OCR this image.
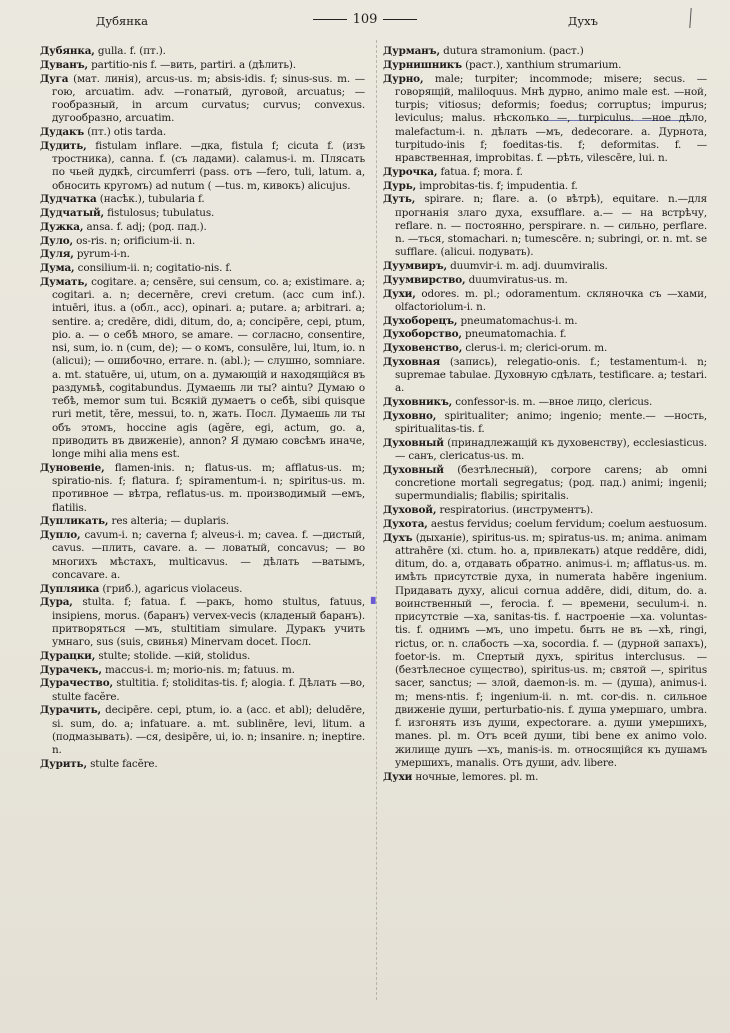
Дубянка	109	Духъ
▘

Дубянка, gulla. f. (пт.).

Дуванъ, partitio-nis f. —вить, partiri. a (дѣлить).

Дуга (мат. линія), arcus-us. m; absis-idis. f; sinus-sus. m. —гою, arcuatim. adv. —гоnатый, дуговой, arcuatus; —гообразный, in arcum curvatus; curvus; convexus. дугообразно, arcuatim.

Дудакъ (пт.) otis tarda.

Дудить, fistulam inflare. —дка, fistula f; cicuta f. (изъ тростника), canna. f. (съ ладами). calamus-i. m. Плясать по чьей дудкѣ, circumferri (pass. отъ —fero, tuli, latum. a, обносить кругомъ) ad nutum ( —tus. m, кивокъ) alicujus.

Дудчатка (насѣк.), tubularia f.

Дудчатый, fistulosus; tubulatus.

Дужка, ansa. f. adj; (род. пад.).

Дуло, os-ris. n; orificium-ii. n.

Дуля, pyrum-i-n.

Дума, consilium-ii. n; cogitatio-nis. f.

Думать, cogitare. a; censēre, sui censum, co. a; existimare. a; cogitari. a. n; decernēre, crevi cretum. (acc cum inf.). intuēri, itus. a (обл., acc), opinari. a; putare. a; arbitrari. a; sentire. a; credēre, didi, ditum, do, a; concipēre, cepi, ptum, pio. a. — о себѣ много, se amare. — согласно, consentire, nsi, sum, io. n (cum, de); — о комъ, consulēre, lui, ltum, io. n (alicui); — ошибочно, errare. n. (abl.); — слушно, somniare. a. mt. statuēre, ui, utum, on a. думающій и находящійся въ раздумьѣ, cogitabundus. Думаешь ли ты? aintu? Думаю о тебѣ, memor sum tui. Всякій думаетъ о себѣ, sibi quisque ruri metit, tĕre, messui, to. n, жать. Посл. Думаешь ли ты объ этомъ, hoccine agis (agĕre, egi, actum, go. a, приводить въ движеніе), annon? Я думаю совсѣмъ иначе, longe mihi alia mens est.

Дуновеніе, flamen-inis. n; flatus-us. m; afflatus-us. m; spiratio-nis. f; flatura. f; spiramentum-i. n; spiritus-us. m. противное — вѣтра, reflatus-us. m. производимый —емъ, flatilis.

Дупликать, res alteria; — duplaris.

Дупло, cavum-i. n; caverna f; alveus-i. m; cavea. f. —дистый, cavus. —плить, cavare. a. — ловатый, concavus; — во многихъ мѣстахъ, multicavus. — дѣлать —ватымъ, concavare. a.

Дупляика (гриб.), agaricus violaceus.

Дура, stulta. f; fatua. f. —ракъ, homo stultus, fatuus, insipiens, morus. (баранъ) vervex-vecis (кладеный баранъ). притворяться —мъ, stultitiam simulare. Дуракъ учить умнаго, sus (suis, свинья) Minervam docet. Посл.

Дурацки, stulte; stolide. —кій, stolidus.

Дурачекъ, maccus-i. m; morio-nis. m; fatuus. m.

Дурачество, stultitia. f; stoliditas-tis. f; alogia. f. Дѣлать —во, stulte facĕre.

Дурачить, decipēre. cepi, ptum, io. a (acc. et abl); deludēre, si. sum, do. a; infatuare. a. mt. sublinēre, levi, litum. a (подмазывать). —ся, desipēre, ui, io. n; insanire. n; ineptire. n.

Дурить, stulte facĕre.

Дурманъ, dutura stramonium. (раст.)

Дурнишникъ (раст.), xanthium strumarium.

Дурно, male; turpiter; incommode; misere; secus. — говорящій, maliloquus. Мнѣ дурно, animo male est. —ной, turpis; vitiosus; deformis; foedus; corruptus; impurus; leviculus; malus. нѣсколько —, turpiculus. —ное дѣло, malefactum-i. n. дѣлать —мъ, dedecorare. a. Дурнота, turpitudo-inis f; foeditas-tis. f; deformitas. f. — нравственная, improbitas. f. —рѣть, vilescēre, lui. n.

Дурочка, fatua. f; mora. f.

Дурь, improbitas-tis. f; impudentia. f.

Дуть, spirare. n; flare. a. (о вѣтрѣ), equitare. n.—для прогнанія злаго духа, exsufflare. a.— — на встрѣчу, reflare. n. — постоянно, perspirare. n. — сильно, perflare. n. —ться, stomachari. n; tumescēre. n; subringi, or. n. mt. se sufflare. (alicui. подувать).

Дуумвиръ, duumvir-i. m. adj. duumviralis.

Дуумвирство, duumviratus-us. m.

Духи, odores. m. pl.; odoramentum. скляночка съ —хами, olfactoriolum-i. n.

Духоборецъ, pneumatomachus-i. m.

Духоборство, pneumatomachia. f.

Духовенство, clerus-i. m; clerici-orum. m.

Духовная (запись), relegatio-onis. f.; testamentum-i. n; supremae tabulae. Духовную сдѣлать, testificare. a; testari. a.

Духовникъ, confessor-is. m. —вное лицо, clericus.

Духовно, spiritualiter; animo; ingenio; mente.— —ность, spiritualitas-tis. f.

Духовный (принадлежащій къ духовенству), ecclesiasticus. — санъ, clericatus-us. m.

Духовный (безтѣлесный), corpore carens; ab omni concretione mortali segregatus; (род. пад.) animi; ingenii; supermundialis; flabilis; spiritalis.

Духовой, respiratorius. (инструментъ).

Духота, aestus fervidus; coelum fervidum; coelum aestuosum.

Духъ (дыханіе), spiritus-us. m; spiratus-us. m; anima. animam attrahēre (xi. ctum. ho. a, привлекать) atque reddēre, didi, ditum, do. a, отдавать обратно. animus-i. m; afflatus-us. m. имѣть присутствіе духа, in numerata habēre ingenium. Придавать духу, alicui cornua addēre, didi, ditum, do. a. воинственный —, ferocia. f. — времени, seculum-i. n. присутствіе —ха, sanitas-tis. f. настроеніе —ха. voluntas-tis. f. однимъ —мъ, uno impetu. быть не въ —хѣ, ringi, rictus, or. n. слабость —ха, socordia. f. — (дурной запахъ), foetor-is. m. Спертый духъ, spiritus interclusus. — (безтѣлесное существо), spiritus-us. m; святой —, spiritus sacer, sanctus; — злой, daemon-is. m. — (душа), animus-i. m; mens-ntis. f; ingenium-ii. n. mt. cor-dis. n. сильное движеніе души, perturbatio-nis. f. душа умершаго, umbra. f. изгонять изъ души, expectorare. a. души умершихъ, manes. pl. m. Отъ всей души, tibi bene ex animo volo. жилище душъ —хъ, manis-is. m. относящійся къ душамъ умершихъ, manalis. Отъ души, adv. libere.

Духи ночные, lemores. pl. m.
